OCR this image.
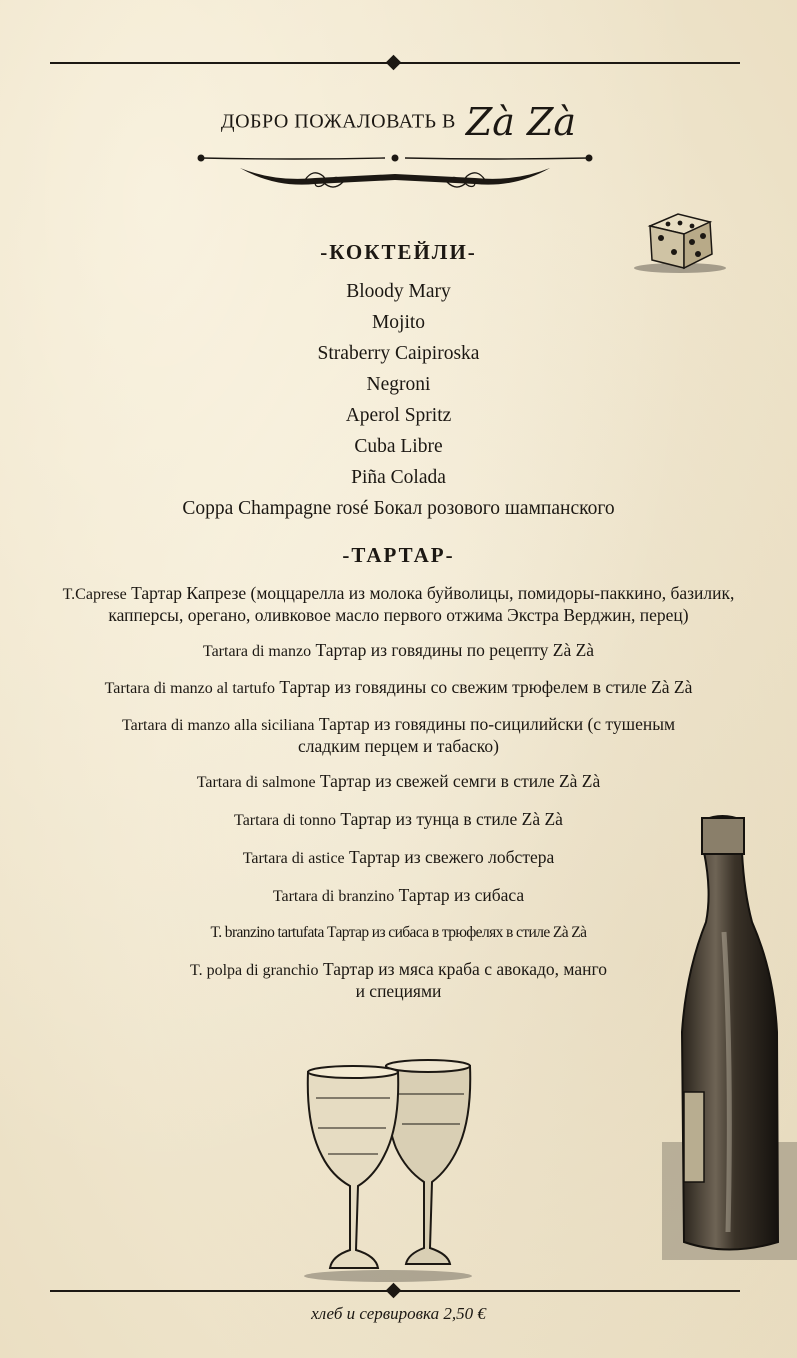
ДОБРО ПОЖАЛОВАТЬ В Zà Zà
-КОКТЕЙЛИ-
Bloody Mary
Mojito
Straberry Caipiroska
Negroni
Aperol Spritz
Cuba Libre
Piña Colada
Coppa Champagne rosé Бокал розового шампанского
-ТАРТАР-
T.Caprese Тартар Капрезе (моццарелла из молока буйволицы, помидоры-паккино, базилик, капперсы, орегано, оливковое масло первого отжима Экстра Верджин, перец)
Tartara di manzo Тартар из говядины по рецепту Zà Zà
Tartara di manzo al tartufo Тартар из говядины со свежим трюфелем в стиле Zà Zà
Tartara di manzo alla siciliana Тартар из говядины по-сицилийски (с тушеным сладким перцем и табаско)
Tartara di salmone Тартар из свежей семги в стиле Zà Zà
Tartara di tonno Тартар из тунца в стиле Zà Zà
Tartara di astice Тартар из свежего лобстера
Tartara di branzino Тартар из сибаса
T. branzino tartufata Тартар из сибаса в трюфелях в стиле Zà Zà
T. polpa di granchio Тартар из мяса краба с авокадо, манго и специями
хлеб и сервировка 2,50 €
